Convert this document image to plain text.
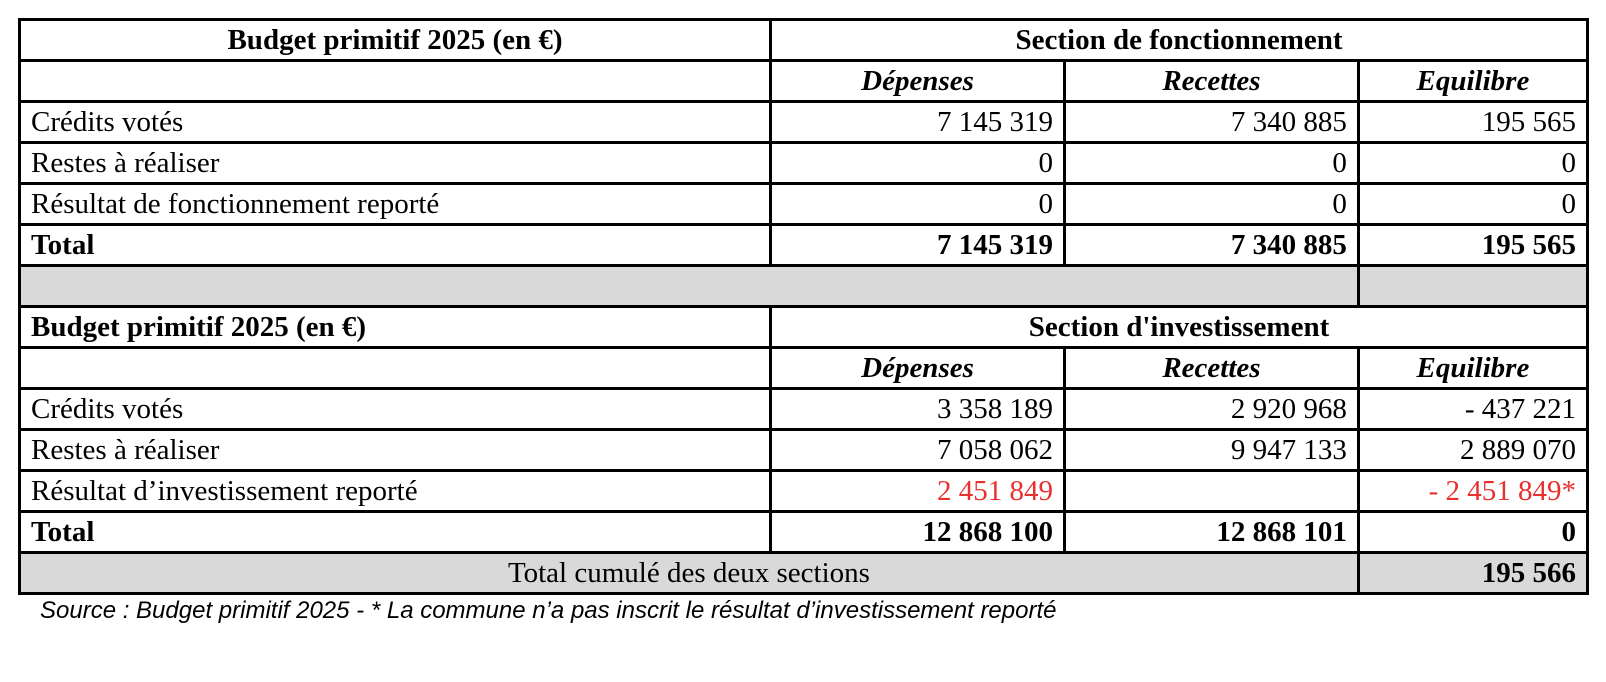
Budget primitif 2025 (en €)	Section de fonctionnement		
	Dépenses	Recettes	Equilibre
Crédits votés	7 145 319	7 340 885	195 565
Restes à réaliser	0	0	0
Résultat de fonctionnement reporté	0	0	0
Total	7 145 319	7 340 885	195 565

Budget primitif 2025 (en €)	Section d'investissement		
	Dépenses	Recettes	Equilibre
Crédits votés	3 358 189	2 920 968	- 437 221
Restes à réaliser	7 058 062	9 947 133	2 889 070
Résultat d’investissement reporté	2 451 849		- 2 451 849*
Total	12 868 100	12 868 101	0
Total cumulé des deux sections			195 566
Source : Budget primitif 2025 - * La commune n’a pas inscrit le résultat d’investissement reporté
